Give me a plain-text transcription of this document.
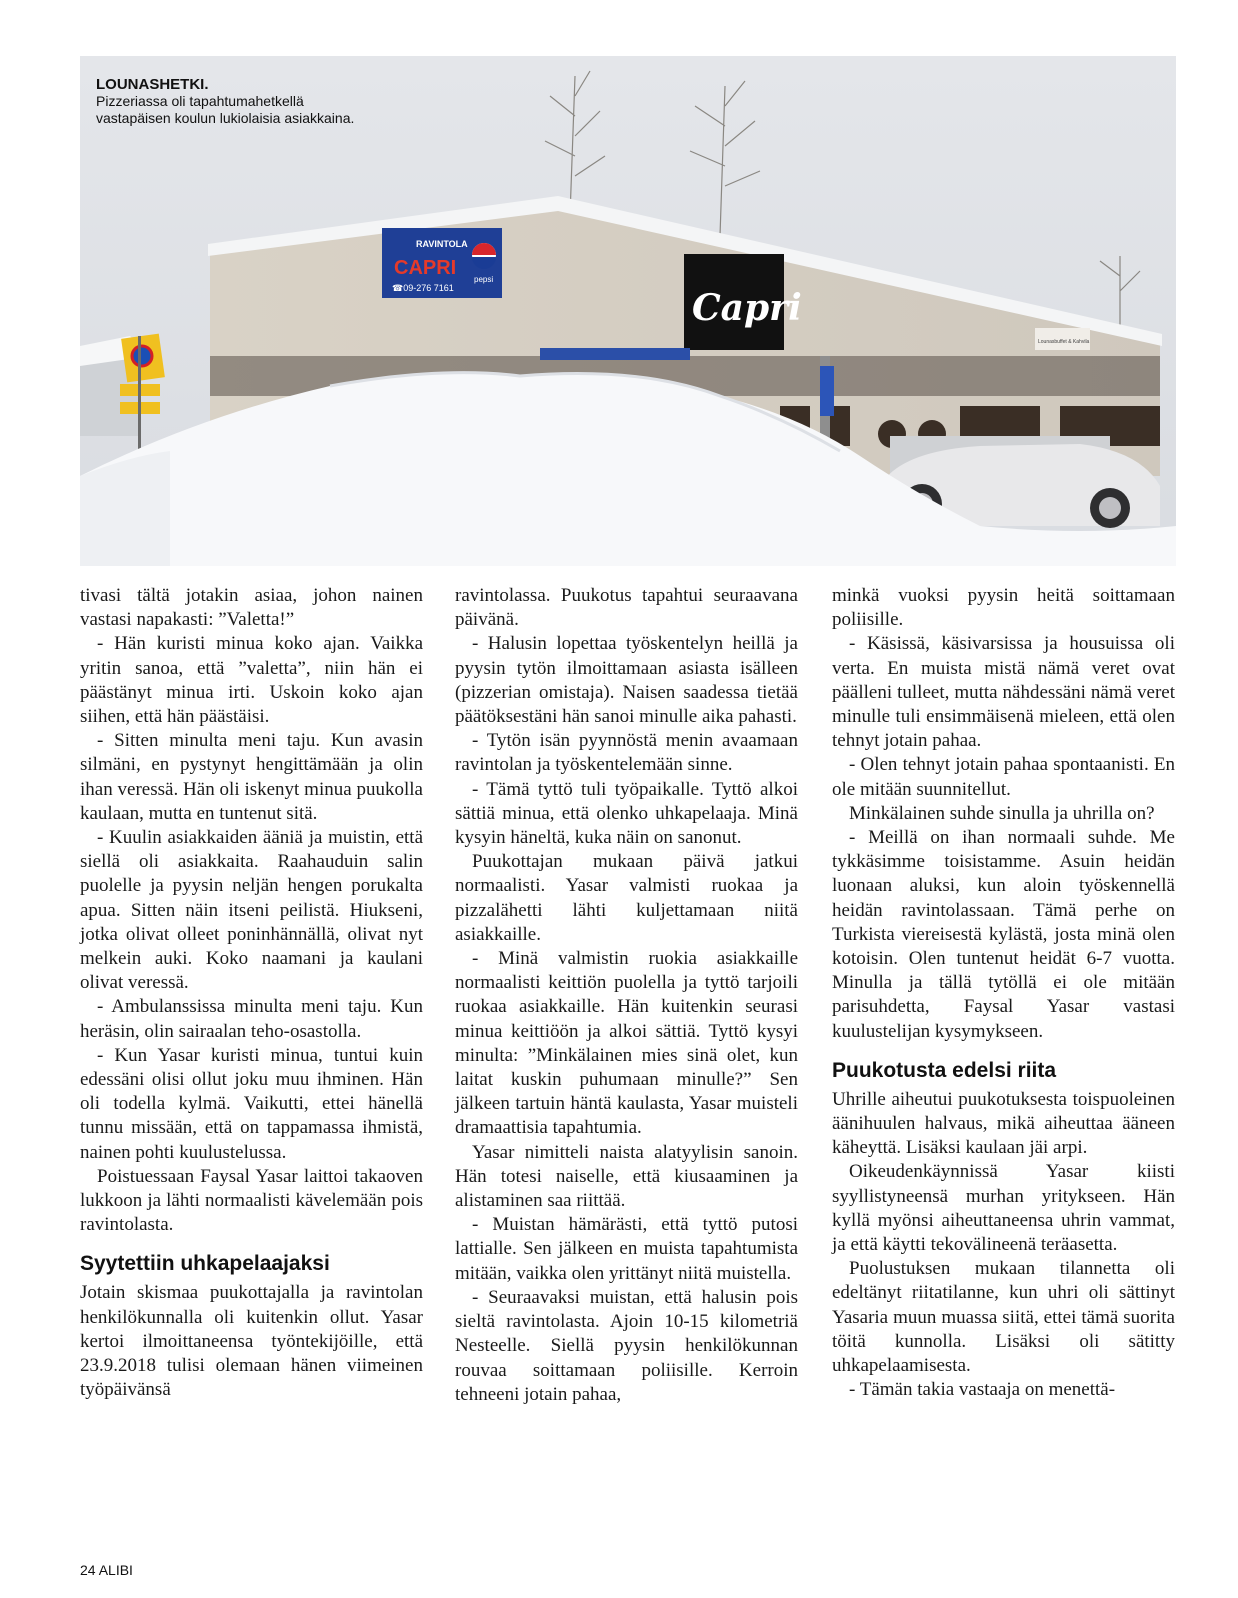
RAVINTOLA
CAPRI
☎09-276 7161
pepsi
Capri
Lounasbuffet & Kahvila
LOUNASHETKI.
Pizzeriassa oli tapahtumahetkellä
vastapäisen koulun lukiolaisia asiakkaina.

tivasi tältä jotakin asiaa, johon nainen vastasi napakasti: ”Valetta!”

- Hän kuristi minua koko ajan. Vaikka yritin sanoa, että ”valetta”, niin hän ei päästänyt minua irti. Uskoin koko ajan siihen, että hän päästäisi.

- Sitten minulta meni taju. Kun avasin silmäni, en pystynyt hengittämään ja olin ihan veressä. Hän oli iskenyt minua puukolla kaulaan, mutta en tuntenut sitä.

- Kuulin asiakkaiden ääniä ja muistin, että siellä oli asiakkaita. Raahauduin salin puolelle ja pyysin neljän hengen porukalta apua. Sitten näin itseni peilistä. Hiukseni, jotka olivat olleet poninhännällä, olivat nyt melkein auki. Koko naamani ja kaulani olivat veressä.

- Ambulanssissa minulta meni taju. Kun heräsin, olin sairaalan teho-osastolla.

- Kun Yasar kuristi minua, tuntui kuin edessäni olisi ollut joku muu ihminen. Hän oli todella kylmä. Vaikutti, ettei hänellä tunnu missään, että on tappamassa ihmistä, nainen pohti kuulustelussa.

Poistuessaan Faysal Yasar laittoi takaoven lukkoon ja lähti normaalisti kävelemään pois ravintolasta.

Syytettiin uhkapelaajaksi

Jotain skismaa puukottajalla ja ravintolan henkilökunnalla oli kuitenkin ollut. Yasar kertoi ilmoittaneensa työntekijöille, että 23.9.2018 tulisi olemaan hänen viimeinen työpäivänsä

ravintolassa. Puukotus tapahtui seuraavana päivänä.

- Halusin lopettaa työskentelyn heillä ja pyysin tytön ilmoittamaan asiasta isälleen (pizzerian omistaja). Naisen saadessa tietää päätöksestäni hän sanoi minulle aika pahasti.

- Tytön isän pyynnöstä menin avaamaan ravintolan ja työskentelemään sinne.

- Tämä tyttö tuli työpaikalle. Tyttö alkoi sättiä minua, että olenko uhkapelaaja. Minä kysyin häneltä, kuka näin on sanonut.

Puukottajan mukaan päivä jatkui normaalisti. Yasar valmisti ruokaa ja pizzalähetti lähti kuljettamaan niitä asiakkaille.

- Minä valmistin ruokia asiakkaille normaalisti keittiön puolella ja tyttö tarjoili ruokaa asiakkaille. Hän kuitenkin seurasi minua keittiöön ja alkoi sättiä. Tyttö kysyi minulta: ”Minkälainen mies sinä olet, kun laitat kuskin puhumaan minulle?” Sen jälkeen tartuin häntä kaulasta, Yasar muisteli dramaattisia tapahtumia.

Yasar nimitteli naista alatyylisin sanoin. Hän totesi naiselle, että kiusaaminen ja alistaminen saa riittää.

- Muistan hämärästi, että tyttö putosi lattialle. Sen jälkeen en muista tapahtumista mitään, vaikka olen yrittänyt niitä muistella.

- Seuraavaksi muistan, että halusin pois sieltä ravintolasta. Ajoin 10-15 kilometriä Nesteelle. Siellä pyysin henkilökunnan rouvaa soittamaan poliisille. Kerroin tehneeni jotain pahaa,

minkä vuoksi pyysin heitä soittamaan poliisille.

- Käsissä, käsivarsissa ja housuissa oli verta. En muista mistä nämä veret ovat päälleni tulleet, mutta nähdessäni nämä veret minulle tuli ensimmäisenä mieleen, että olen tehnyt jotain pahaa.

- Olen tehnyt jotain pahaa spontaanisti. En ole mitään suunnitellut.

Minkälainen suhde sinulla ja uhrilla on?

- Meillä on ihan normaali suhde. Me tykkäsimme toisistamme. Asuin heidän luonaan aluksi, kun aloin työskennellä heidän ravintolassaan. Tämä perhe on Turkista viereisestä kylästä, josta minä olen kotoisin. Olen tuntenut heidät 6-7 vuotta. Minulla ja tällä tytöllä ei ole mitään parisuhdetta, Faysal Yasar vastasi kuulustelijan kysymykseen.

Puukotusta edelsi riita

Uhrille aiheutui puukotuksesta toispuoleinen äänihuulen halvaus, mikä aiheuttaa ääneen käheyttä. Lisäksi kaulaan jäi arpi.

Oikeudenkäynnissä Yasar kiisti syyllistyneensä murhan yritykseen. Hän kyllä myönsi aiheuttaneensa uhrin vammat, ja että käytti tekovälineenä teräasetta.

Puolustuksen mukaan tilannetta oli edeltänyt riitatilanne, kun uhri oli sättinyt Yasaria muun muassa siitä, ettei tämä suorita töitä kunnolla. Lisäksi oli sätitty uhkapelaamisesta.

- Tämän takia vastaaja on menettä-

24 ALIBI
